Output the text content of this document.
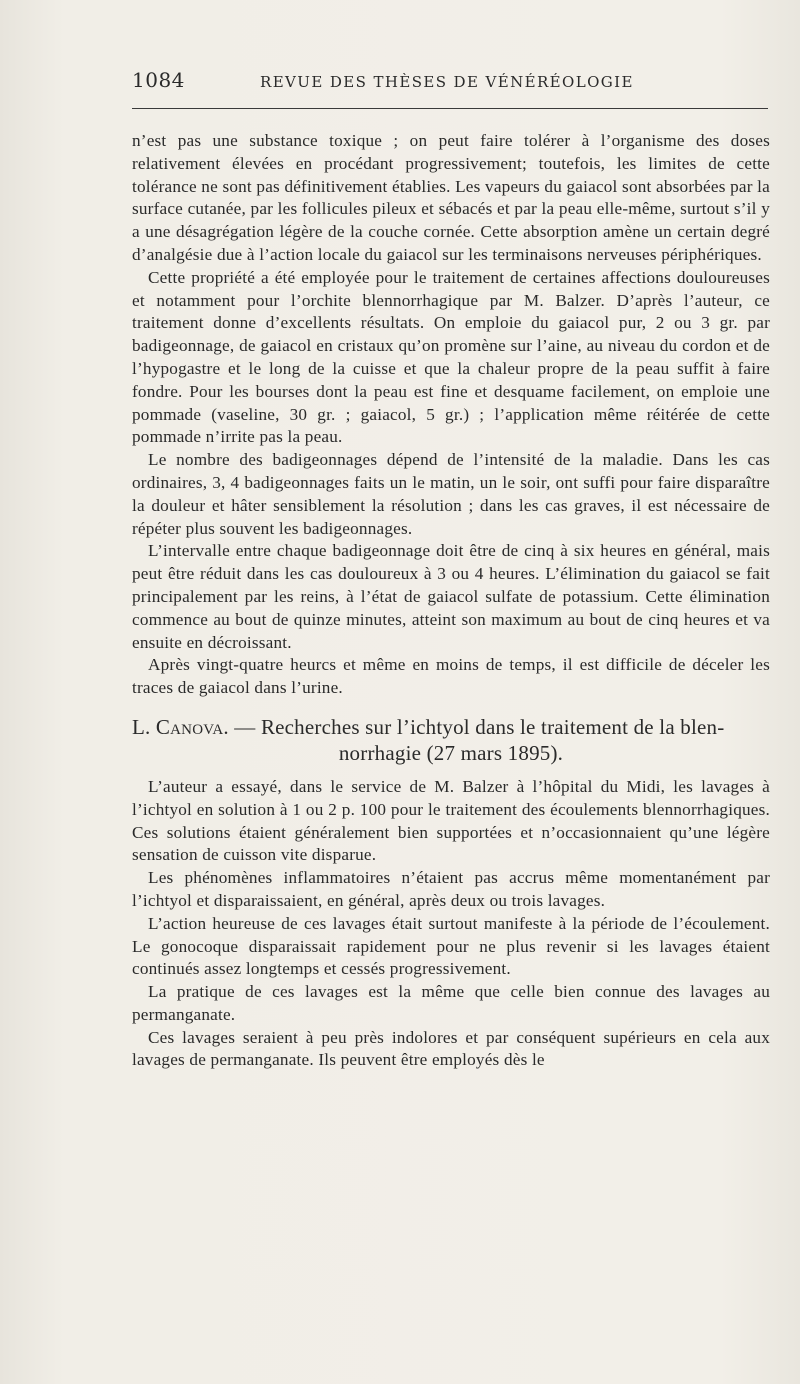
1084	REVUE DES THÈSES DE VÉNÉRÉOLOGIE

n’est pas une substance toxique ; on peut faire tolérer à l’organisme des doses relativement élevées en procédant progressivement; toutefois, les limites de cette tolérance ne sont pas définitivement établies. Les vapeurs du gaiacol sont absorbées par la surface cutanée, par les follicules pileux et sébacés et par la peau elle-même, surtout s’il y a une désagrégation légère de la couche cornée. Cette absorption amène un certain degré d’analgésie due à l’action locale du gaiacol sur les terminaisons nerveuses périphériques.

Cette propriété a été employée pour le traitement de certaines affections douloureuses et notamment pour l’orchite blennorrhagique par M. Balzer. D’après l’auteur, ce traitement donne d’excellents résultats. On emploie du gaiacol pur, 2 ou 3 gr. par badigeonnage, de gaiacol en cristaux qu’on promène sur l’aine, au niveau du cordon et de l’hypogastre et le long de la cuisse et que la chaleur propre de la peau suffit à faire fondre. Pour les bourses dont la peau est fine et desquame facilement, on emploie une pommade (vaseline, 30 gr. ; gaiacol, 5 gr.) ; l’application même réitérée de cette pommade n’irrite pas la peau.

Le nombre des badigeonnages dépend de l’intensité de la maladie. Dans les cas ordinaires, 3, 4 badigeonnages faits un le matin, un le soir, ont suffi pour faire disparaître la douleur et hâter sensiblement la résolution ; dans les cas graves, il est nécessaire de répéter plus souvent les badigeonnages.

L’intervalle entre chaque badigeonnage doit être de cinq à six heures en général, mais peut être réduit dans les cas douloureux à 3 ou 4 heures. L’élimination du gaiacol se fait principalement par les reins, à l’état de gaiacol sulfate de potassium. Cette élimination commence au bout de quinze minutes, atteint son maximum au bout de cinq heures et va ensuite en décroissant.

Après vingt-quatre heurcs et même en moins de temps, il est difficile de déceler les traces de gaiacol dans l’urine.

L. Canova. — Recherches sur l’ichtyol dans le traitement de la blen-
norrhagie (27 mars 1895).

L’auteur a essayé, dans le service de M. Balzer à l’hôpital du Midi, les lavages à l’ichtyol en solution à 1 ou 2 p. 100 pour le traitement des écoulements blennorrhagiques. Ces solutions étaient généralement bien supportées et n’occasionnaient qu’une légère sensation de cuisson vite disparue.

Les phénomènes inflammatoires n’étaient pas accrus même momentanément par l’ichtyol et disparaissaient, en général, après deux ou trois lavages.

L’action heureuse de ces lavages était surtout manifeste à la période de l’écoulement. Le gonocoque disparaissait rapidement pour ne plus revenir si les lavages étaient continués assez longtemps et cessés progressivement.

La pratique de ces lavages est la même que celle bien connue des lavages au permanganate.

Ces lavages seraient à peu près indolores et par conséquent supérieurs en cela aux lavages de permanganate. Ils peuvent être employés dès le
